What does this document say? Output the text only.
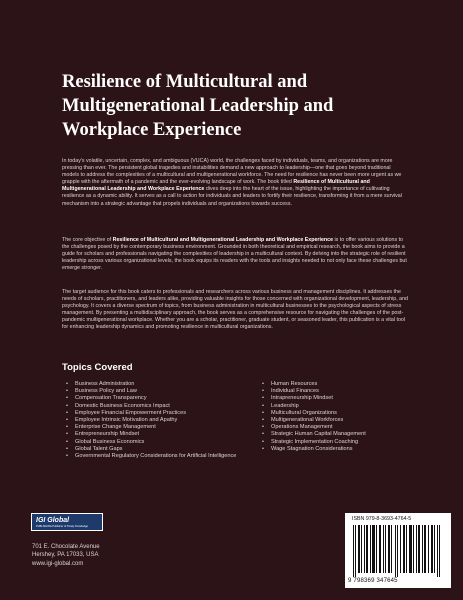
Resilience of Multicultural and Multigenerational Leadership and Workplace Experience

In today's volatile, uncertain, complex, and ambiguous (VUCA) world, the challenges faced by individuals, teams, and organizations are more pressing than ever. The persistent global tragedies and instabilities demand a new approach to leadership—one that goes beyond traditional models to address the complexities of a multicultural and multigenerational workforce. The need for resilience has never been more urgent as we grapple with the aftermath of a pandemic and the ever-evolving landscape of work. The book titled Resilience of Multicultural and Multigenerational Leadership and Workplace Experience dives deep into the heart of the issue, highlighting the importance of cultivating resilience as a dynamic ability. It serves as a call to action for individuals and leaders to fortify their resilience, transforming it from a mere survival mechanism into a strategic advantage that propels individuals and organizations towards success.

The core objective of Resilience of Multicultural and Multigenerational Leadership and Workplace Experience is to offer various solutions to the challenges posed by the contemporary business environment. Grounded in both theoretical and empirical research, the book aims to provide a guide for scholars and professionals navigating the complexities of leadership in a multicultural context. By delving into the strategic role of resilient leadership across various organizational levels, the book equips its readers with the tools and insights needed to not only face these challenges but emerge stronger.

The target audience for this book caters to professionals and researchers across various business and management disciplines. It addresses the needs of scholars, practitioners, and leaders alike, providing valuable insights for those concerned with organizational development, leadership, and psychology. It covers a diverse spectrum of topics, from business administration in multicultural businesses to the psychological aspects of stress management. By presenting a multidisciplinary approach, the book serves as a comprehensive resource for navigating the challenges of the post-pandemic multigenerational workplace. Whether you are a scholar, practitioner, graduate student, or seasoned leader, this publication is a vital tool for enhancing leadership dynamics and promoting resilience in multicultural organizations.

Topics Covered
• Business Administration
• Business Policy and Law
• Compensation Transparency
• Domestic Business Economics Impact
• Employee Financial Empowerment Practices
• Employee Intrinsic Motivation and Apathy
• Enterprise Change Management
• Entrepreneurship Mindset
• Global Business Economics
• Global Talent Gaps
• Governmental Regulatory Considerations for Artificial Intelligence
• Human Resources
• Individual Finances
• Intrapreneurship Mindset
• Leadership
• Multicultural Organizations
• Multigenerational Workforces
• Operations Management
• Strategic Human Capital Management
• Strategic Implementation Coaching
• Wage Stagnation Considerations
IGI Global
PUBLISHING Publisher of Timely Knowledge
701 E. Chocolate Avenue
Hershey, PA 17033, USA
www.igi-global.com
ISBN 979-8-3693-4764-5
9 798369 347645
